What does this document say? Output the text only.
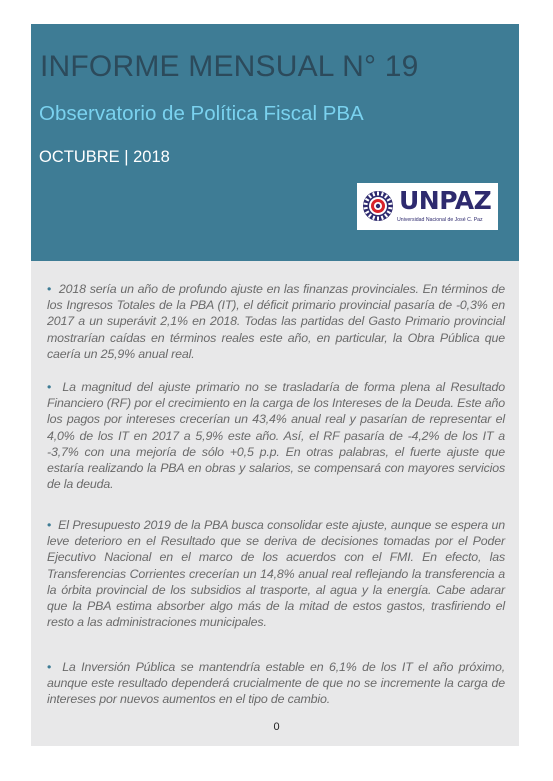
INFORME MENSUAL N° 19
Observatorio de Política Fiscal PBA
OCTUBRE | 2018
UNPAZ
Universidad Nacional de José C. Paz

• 2018 sería un año de profundo ajuste en las finanzas provinciales. En términos de los Ingresos Totales de la PBA (IT), el déficit primario provincial pasaría de -0,3% en 2017 a un superávit 2,1% en 2018. Todas las partidas del Gasto Primario provincial mostrarían caídas en términos reales este año, en particular, la Obra Pública que caería un 25,9% anual real.

• La magnitud del ajuste primario no se trasladaría de forma plena al Resultado Financiero (RF) por el crecimiento en la carga de los Intereses de la Deuda. Este año los pagos por intereses crecerían un 43,4% anual real y pasarían de representar el 4,0% de los IT en 2017 a 5,9% este año. Así, el RF pasaría de -4,2% de los IT a -3,7% con una mejoría de sólo +0,5 p.p. En otras palabras, el fuerte ajuste que estaría realizando la PBA en obras y salarios, se compensará con mayores servicios de la deuda.

• El Presupuesto 2019 de la PBA busca consolidar este ajuste, aunque se espera un leve deterioro en el Resultado que se deriva de decisiones tomadas por el Poder Ejecutivo Nacional en el marco de los acuerdos con el FMI. En efecto, las Transferencias Corrientes crecerían un 14,8% anual real reflejando la transferencia a la órbita provincial de los subsidios al trasporte, al agua y la energía. Cabe adarar que la PBA estima absorber algo más de la mitad de estos gastos, trasfiriendo el resto a las administraciones municipales.

• La Inversión Pública se mantendría estable en 6,1% de los IT el año próximo, aunque este resultado dependerá crucialmente de que no se incremente la carga de intereses por nuevos aumentos en el tipo de cambio.

0
